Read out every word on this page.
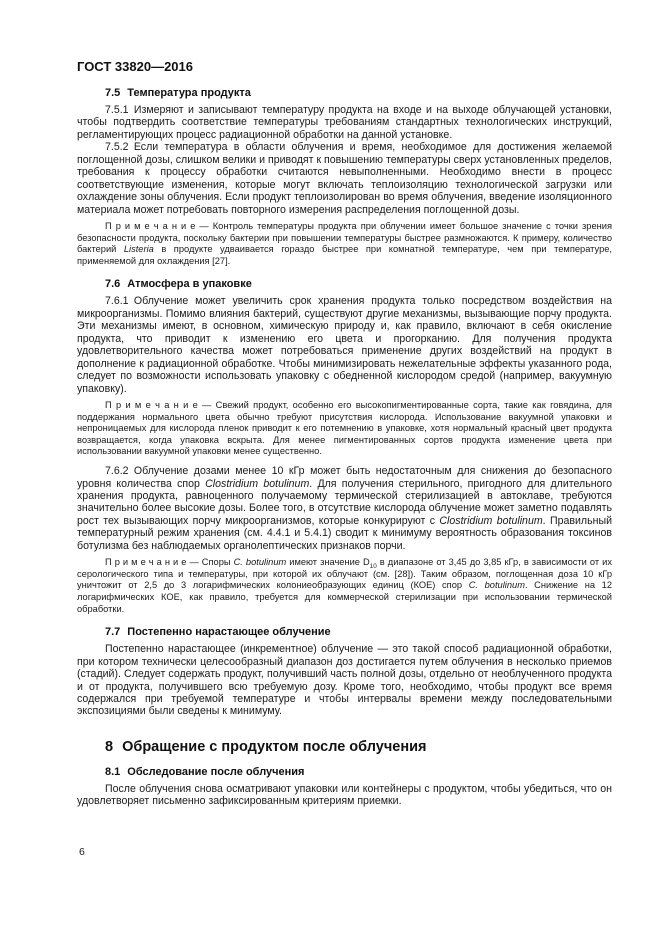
ГОСТ 33820—2016
7.5 Температура продукта

7.5.1 Измеряют и записывают температуру продукта на входе и на выходе облучающей установки, чтобы подтвердить соответствие температуры требованиям стандартных технологических инструкций, регламентирующих процесс радиационной обработки на данной установке.

7.5.2 Если температура в области облучения и время, необходимое для достижения желаемой поглощенной дозы, слишком велики и приводят к повышению температуры сверх установленных пределов, требования к процессу обработки считаются невыполненными. Необходимо внести в процесс соответствующие изменения, которые могут включать теплоизоляцию технологической загрузки или охлаждение зоны облучения. Если продукт теплоизолирован во время облучения, введение изоляционного материала может потребовать повторного измерения распределения поглощенной дозы.

П р и м е ч а н и е — Контроль температуры продукта при облучении имеет большое значение с точки зрения безопасности продукта, поскольку бактерии при повышении температуры быстрее размножаются. К примеру, количество бактерий Listeria в продукте удваивается гораздо быстрее при комнатной температуре, чем при температуре, применяемой для охлаждения [27].

7.6 Атмосфера в упаковке

7.6.1 Облучение может увеличить срок хранения продукта только посредством воздействия на микроорганизмы. Помимо влияния бактерий, существуют другие механизмы, вызывающие порчу продукта. Эти механизмы имеют, в основном, химическую природу и, как правило, включают в себя окисление продукта, что приводит к изменению его цвета и прогорканию. Для получения продукта удовлетворительного качества может потребоваться применение других воздействий на продукт в дополнение к радиационной обработке. Чтобы минимизировать нежелательные эффекты указанного рода, следует по возможности использовать упаковку с обедненной кислородом средой (например, вакуумную упаковку).

П р и м е ч а н и е — Свежий продукт, особенно его высокопигментированные сорта, такие как говядина, для поддержания нормального цвета обычно требуют присутствия кислорода. Использование вакуумной упаковки и непроницаемых для кислорода пленок приводит к его потемнению в упаковке, хотя нормальный красный цвет продукта возвращается, когда упаковка вскрыта. Для менее пигментированных сортов продукта изменение цвета при использовании вакуумной упаковки менее существенно.

7.6.2 Облучение дозами менее 10 кГр может быть недостаточным для снижения до безопасного уровня количества спор Clostridium botulinum. Для получения стерильного, пригодного для длительного хранения продукта, равноценного получаемому термической стерилизацией в автоклаве, требуются значительно более высокие дозы. Более того, в отсутствие кислорода облучение может заметно подавлять рост тех вызывающих порчу микроорганизмов, которые конкурируют с Clostridium botulinum. Правильный температурный режим хранения (см. 4.4.1 и 5.4.1) сводит к минимуму вероятность образования токсинов ботулизма без наблюдаемых органолептических признаков порчи.

П р и м е ч а н и е — Споры C. botulinum имеют значение $D_{10}$ в диапазоне от 3,45 до 3,85 кГр, в зависимости от их серологического типа и температуры, при которой их облучают (см. [28]). Таким образом, поглощенная доза 10 кГр уничтожит от 2,5 до 3 логарифмических колониеобразующих единиц (КОЕ) спор C. botulinum. Снижение на 12 логарифмических КОЕ, как правило, требуется для коммерческой стерилизации при использовании термической обработки.

7.7 Постепенно нарастающее облучение

Постепенно нарастающее (инкрементное) облучение — это такой способ радиационной обработки, при котором технически целесообразный диапазон доз достигается путем облучения в несколько приемов (стадий). Следует содержать продукт, получивший часть полной дозы, отдельно от необлученного продукта и от продукта, получившего всю требуемую дозу. Кроме того, необходимо, чтобы продукт все время содержался при требуемой температуре и чтобы интервалы времени между последовательными экспозициями были сведены к минимуму.

8 Обращение с продуктом после облучения
8.1 Обследование после облучения

После облучения снова осматривают упаковки или контейнеры с продуктом, чтобы убедиться, что он удовлетворяет письменно зафиксированным критериям приемки.

6
